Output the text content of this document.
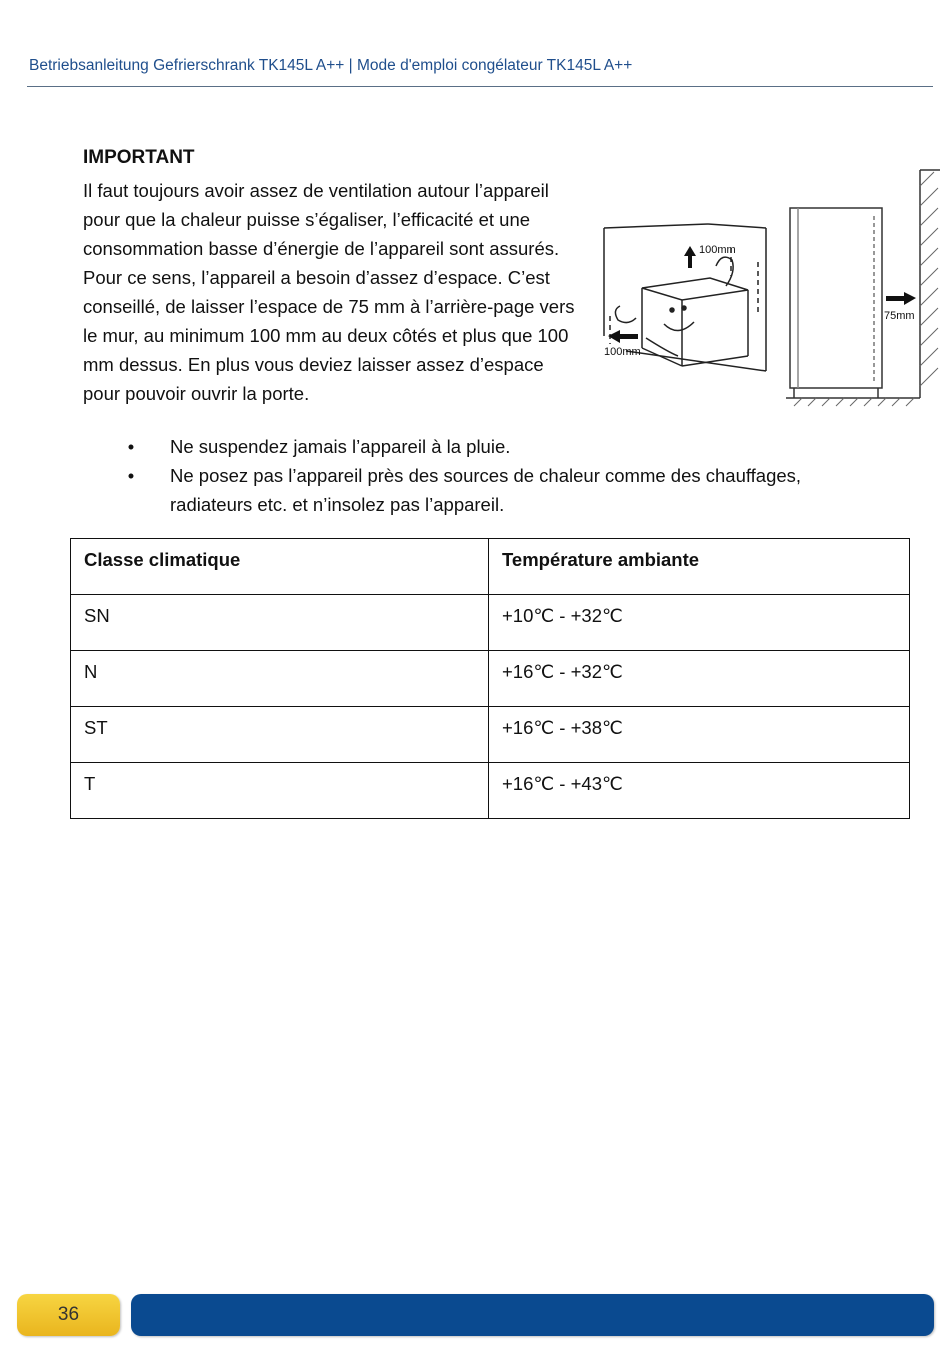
Betriebsanleitung Gefrierschrank TK145L A++ | Mode d'emploi congélateur TK145L A++
IMPORTANT
Il faut toujours avoir assez de ventilation autour l’appareil pour que la chaleur puisse s’égaliser, l’efficacité et une consommation basse d’énergie de l’appareil sont assurés. Pour ce sens, l’appareil a besoin d’assez d’espace. C’est conseillé, de laisser l’espace de 75 mm à l’arrière-page vers le mur, au minimum 100 mm au deux côtés et plus que 100 mm dessus. En plus vous deviez laisser assez d’espace pour pouvoir ouvrir la porte.
100mm
100mm
75mm
• Ne suspendez jamais l’appareil à la pluie.
• Ne posez pas l’appareil près des sources de chaleur comme des chauffages, radiateurs etc. et n’insolez pas l’appareil.
Classe climatique	Température ambiante
SN	+10℃ - +32℃
N	+16℃ - +32℃
ST	+16℃ - +38℃
T	+16℃ - +43℃
36
